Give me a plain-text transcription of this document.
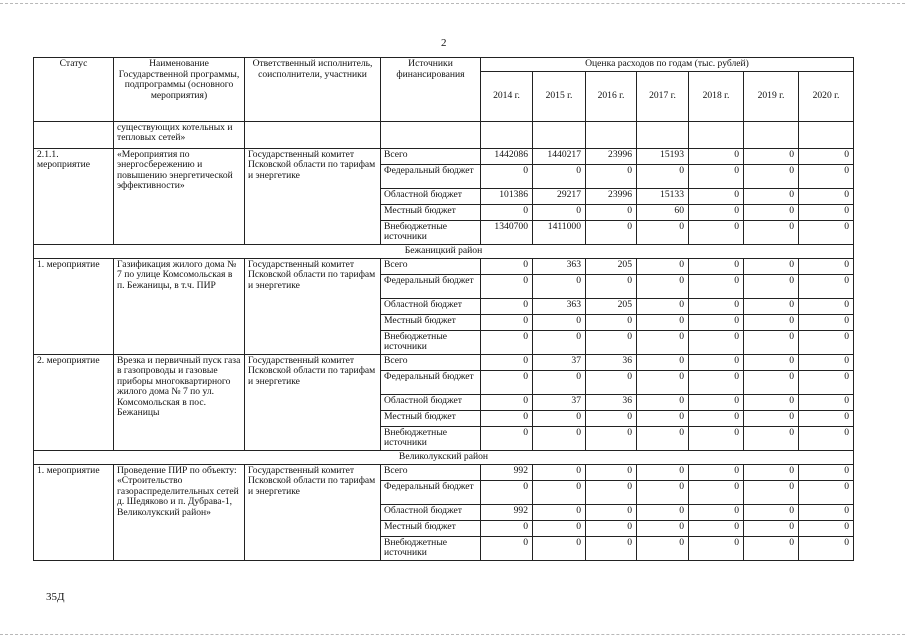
2
Статус	Наименование Государственной программы, подпрограммы (основного мероприятия)	Ответственный исполнитель, соисполнители, участники	Источники финансирования	Оценка расходов по годам (тыс. рублей)						
				2014 г.	2015 г.	2016 г.	2017 г.	2018 г.	2019 г.	2020 г.
	существующих котельных и тепловых сетей»									
2.1.1. мероприятие	«Мероприятия по энергосбережению и повышению энергетической эффективности»	Государственный комитет Псковской области по тарифам и энергетике	Всего	1442086	1440217	23996	15193	0	0	0
			Федеральный бюджет	0	0	0	0	0	0	0
			Областной бюджет	101386	29217	23996	15133	0	0	0
			Местный бюджет	0	0	0	60	0	0	0
			Внебюджетные источники	1340700	1411000	0	0	0	0	0
Бежаницкий район										
1. мероприятие	Газификация жилого дома № 7 по улице Комсомольская в п. Бежаницы, в т.ч. ПИР	Государственный комитет Псковской области по тарифам и энергетике	Всего	0	363	205	0	0	0	0
			Федеральный бюджет	0	0	0	0	0	0	0
			Областной бюджет	0	363	205	0	0	0	0
			Местный бюджет	0	0	0	0	0	0	0
			Внебюджетные источники	0	0	0	0	0	0	0
2. мероприятие	Врезка и первичный пуск газа в газопроводы и газовые приборы многоквартирного жилого дома № 7 по ул. Комсомольская в пос. Бежаницы	Государственный комитет Псковской области по тарифам и энергетике	Всего	0	37	36	0	0	0	0
			Федеральный бюджет	0	0	0	0	0	0	0
			Областной бюджет	0	37	36	0	0	0	0
			Местный бюджет	0	0	0	0	0	0	0
			Внебюджетные источники	0	0	0	0	0	0	0
Великолукский район										
1. мероприятие	Проведение ПИР по объекту: «Строительство газораспределительных сетей д. Шедяково и п. Дубрава-1, Великолукский район»	Государственный комитет Псковской области по тарифам и энергетике	Всего	992	0	0	0	0	0	0
			Федеральный бюджет	0	0	0	0	0	0	0
			Областной бюджет	992	0	0	0	0	0	0
			Местный бюджет	0	0	0	0	0	0	0
			Внебюджетные источники	0	0	0	0	0	0	0
35Д
